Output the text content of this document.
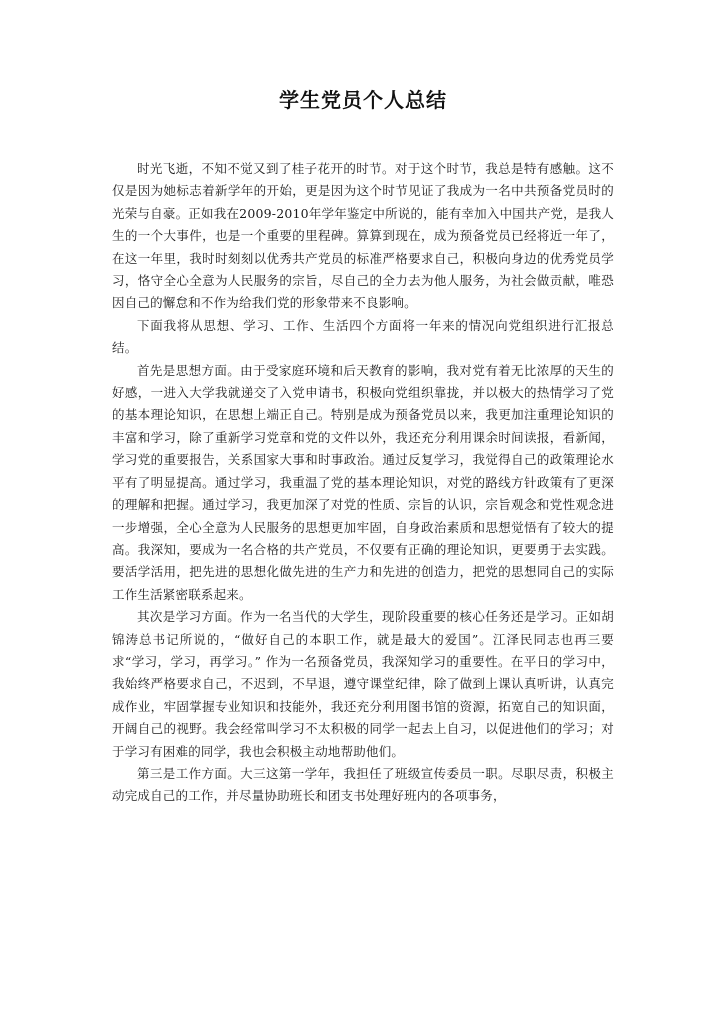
学生党员个人总结

时光飞逝，不知不觉又到了桂子花开的时节。对于这个时节，我总是特有感触。这不仅是因为她标志着新学年的开始，更是因为这个时节见证了我成为一名中共预备党员时的光荣与自豪。正如我在2009-2010年学年鉴定中所说的，能有幸加入中国共产党，是我人生的一个大事件，也是一个重要的里程碑。算算到现在，成为预备党员已经将近一年了，在这一年里，我时时刻刻以优秀共产党员的标准严格要求自己，积极向身边的优秀党员学习，恪守全心全意为人民服务的宗旨，尽自己的全力去为他人服务，为社会做贡献，唯恐因自己的懈怠和不作为给我们党的形象带来不良影响。

下面我将从思想、学习、工作、生活四个方面将一年来的情况向党组织进行汇报总结。

首先是思想方面。由于受家庭环境和后天教育的影响，我对党有着无比浓厚的天生的好感，一进入大学我就递交了入党申请书，积极向党组织靠拢，并以极大的热情学习了党的基本理论知识，在思想上端正自己。特别是成为预备党员以来，我更加注重理论知识的丰富和学习，除了重新学习党章和党的文件以外，我还充分利用课余时间读报，看新闻，学习党的重要报告，关系国家大事和时事政治。通过反复学习，我觉得自己的政策理论水平有了明显提高。通过学习，我重温了党的基本理论知识，对党的路线方针政策有了更深的理解和把握。通过学习，我更加深了对党的性质、宗旨的认识，宗旨观念和党性观念进一步增强，全心全意为人民服务的思想更加牢固，自身政治素质和思想觉悟有了较大的提高。我深知，要成为一名合格的共产党员，不仅要有正确的理论知识，更要勇于去实践。要活学活用，把先进的思想化做先进的生产力和先进的创造力，把党的思想同自己的实际工作生活紧密联系起来。

其次是学习方面。作为一名当代的大学生，现阶段重要的核心任务还是学习。正如胡锦涛总书记所说的，“做好自己的本职工作，就是最大的爱国”。江泽民同志也再三要求“学习，学习，再学习。” 作为一名预备党员，我深知学习的重要性。在平日的学习中，我始终严格要求自己，不迟到，不早退，遵守课堂纪律，除了做到上课认真听讲，认真完成作业，牢固掌握专业知识和技能外，我还充分利用图书馆的资源，拓宽自己的知识面，开阔自己的视野。我会经常叫学习不太积极的同学一起去上自习，以促进他们的学习；对于学习有困难的同学，我也会积极主动地帮助他们。

第三是工作方面。大三这第一学年，我担任了班级宣传委员一职。尽职尽责，积极主动完成自己的工作，并尽量协助班长和团支书处理好班内的各项事务，
